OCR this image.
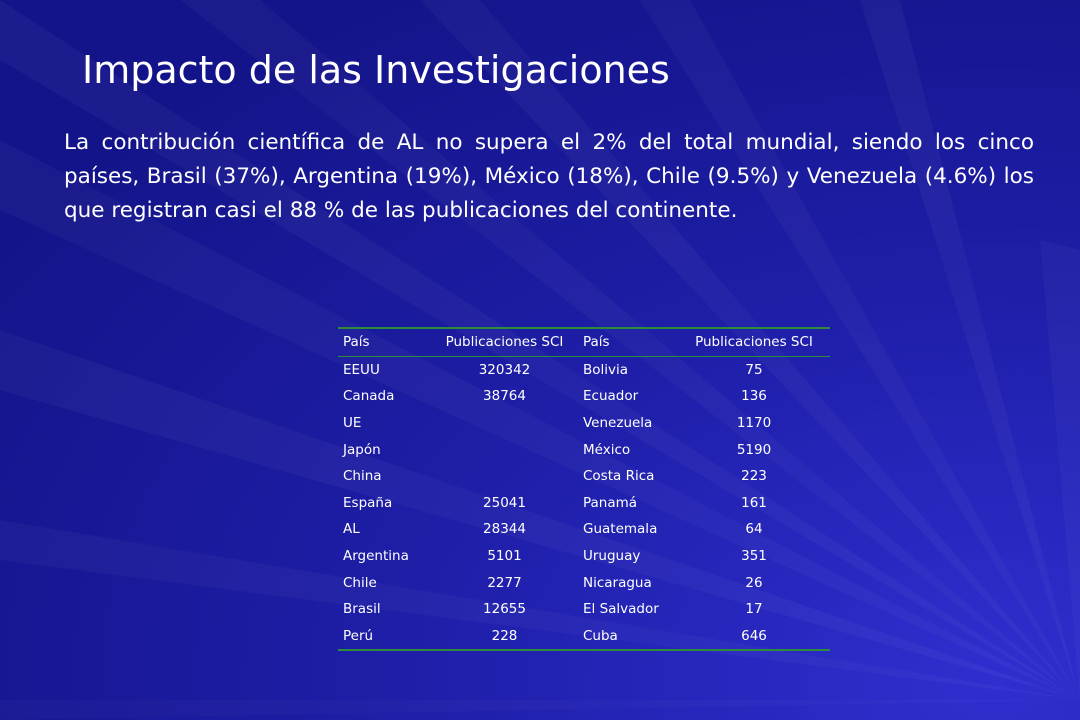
Impacto de las Investigaciones

La contribución científica de AL no supera el 2% del total mundial, siendo los cinco países, Brasil (37%), Argentina (19%), México (18%), Chile (9.5%) y Venezuela (4.6%) los que registran casi el 88 % de las publicaciones del continente.

País	Publicaciones SCI	País	Publicaciones SCI
EEUU	320342	Bolivia	75
Canada	38764	Ecuador	136
UE		Venezuela	1170
Japón		México	5190
China		Costa Rica	223
España	25041	Panamá	161
AL	28344	Guatemala	64
Argentina	5101	Uruguay	351
Chile	2277	Nicaragua	26
Brasil	12655	El Salvador	17
Perú	228	Cuba	646
